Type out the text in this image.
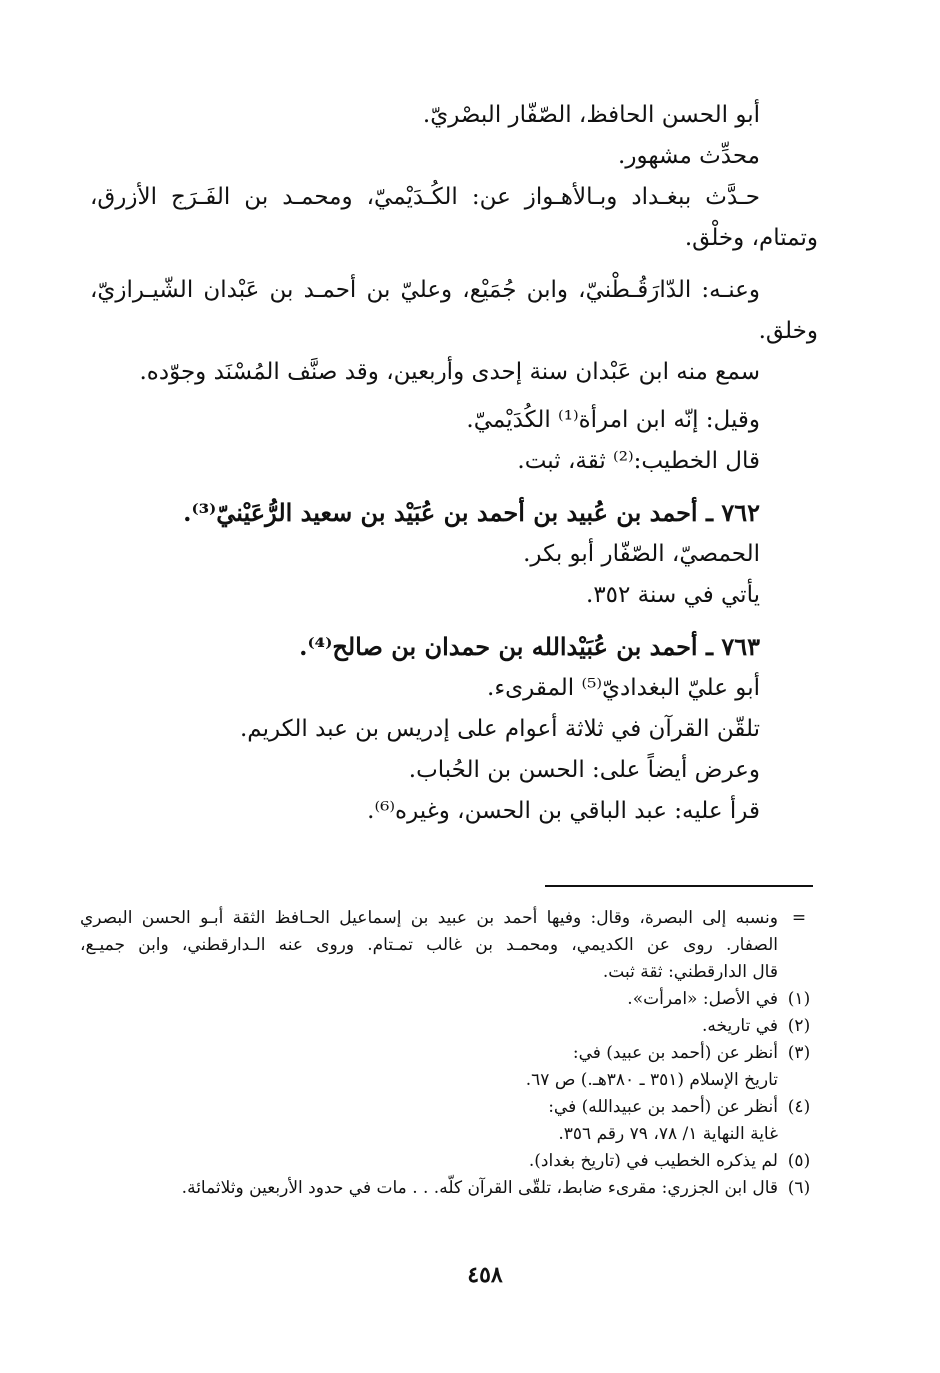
أبو الحسن الحافظ، الصّفّار البصْريّ.

محدِّث مشهور.

حـدَّث ببغـداد وبـالأهـواز عن: الكُـدَيْميّ، ومحمـد بن الفَـرَج الأزرق،

وتمتام، وخلْق.

وعنـه: الدّارَقُـطْنيّ، وابن جُمَيْع، وعليّ بن أحمـد بن عَبْدان الشّيـرازيّ،

وخلق.

سمع منه ابن عَبْدان سنة إحدى وأربعين، وقد صنَّف المُسْنَد وجوّده.

وقيل: إنّه ابن امرأة⁽¹⁾ الكُدَيْميّ.

قال الخطيب:⁽²⁾ ثقة، ثبت.

٧٦٢ ـ أحمد بن عُبيد بن أحمد بن عُبَيْد بن سعيد الرُّعَيْنيّ⁽³⁾.

الحمصيّ، الصّفّار أبو بكر.

يأتي في سنة ٣٥٢.

٧٦٣ ـ أحمد بن عُبَيْدالله بن حمدان بن صالح⁽⁴⁾.

أبو عليّ البغداديّ⁽⁵⁾ المقرىء.

تلقّن القرآن في ثلاثة أعوام على إدريس بن عبد الكريم.

وعرض أيضاً على: الحسن بن الحُباب.

قرأ عليه: عبد الباقي بن الحسن، وغيره⁽⁶⁾.

=

ونسبه إلى البصرة، وقال: وفيها أحمد بن عبيد بن إسماعيل الحـافظ الثقة أبـو الحسن البصري

الصفار. روى عن الكديمي، ومحمـد بن غالب تمـتام. وروى عنه الـدارقطني، وابن جميـع،

قال الدارقطني: ثقة ثبت.

(١)

في الأصل: «امرأت».

(٢)

في تاريخه.

(٣)

أنظر عن (أحمد بن عبيد) في:

تاريخ الإسلام (٣٥١ ـ ٣٨٠هـ.) ص ٦٧.

(٤)

أنظر عن (أحمد بن عبيدالله) في:

غاية النهاية ١/ ٧٨، ٧٩ رقم ٣٥٦.

(٥)

لم يذكره الخطيب في (تاريخ بغداد).

(٦)

قال ابن الجزري: مقرىء ضابط، تلقّى القرآن كلّه. . . مات في حدود الأربعين وثلاثمائة.

٤٥٨
